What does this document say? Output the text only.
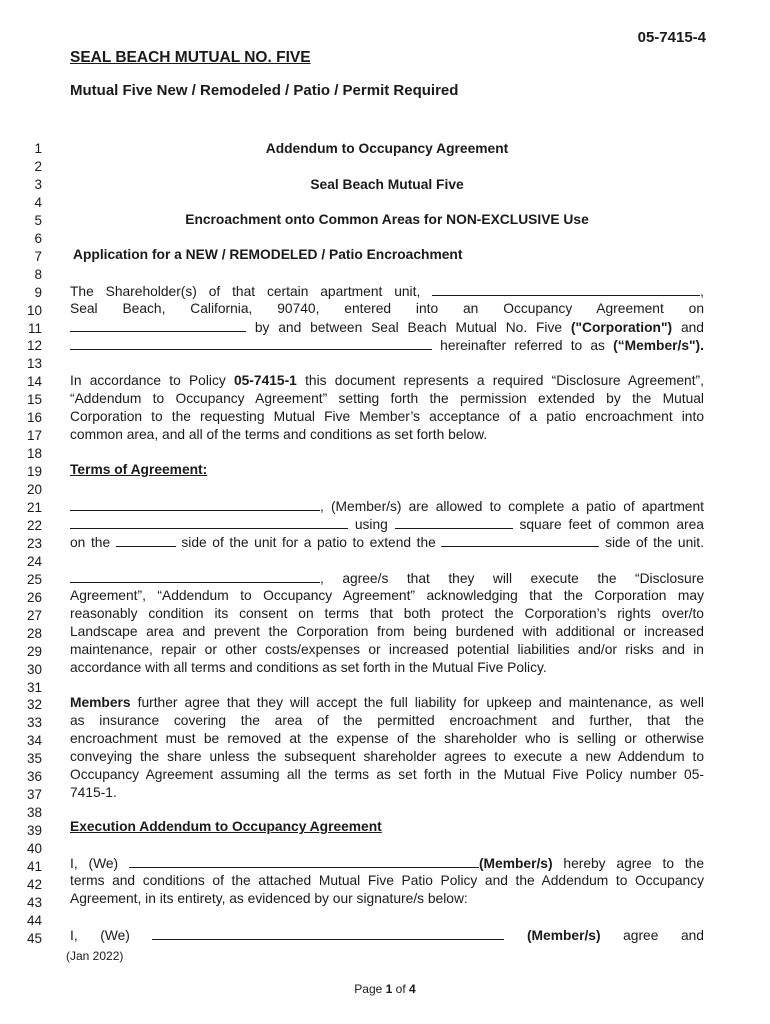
05-7415-4
SEAL BEACH MUTUAL NO. FIVE
Mutual Five New / Remodeled / Patio / Permit Required
1
2
3
4
5
6
7
8
9
10
11
12
13
14
15
16
17
18
19
20
21
22
23
24
25
26
27
28
29
30
31
32
33
34
35
36
37
38
39
40
41
42
43
44
45
Addendum to Occupancy Agreement
Seal Beach Mutual Five
Encroachment onto Common Areas for NON-EXCLUSIVE Use
Application for a NEW / REMODELED / Patio Encroachment
The Shareholder(s) of that certain apartment unit,	,
Seal Beach, California, 90740, entered into an Occupancy Agreement on
by and between Seal Beach Mutual No. Five ("Corporation") and
hereinafter referred to as (“Member/s").
In accordance to Policy 05-7415-1 this document represents a required “Disclosure Agreement”,
“Addendum to Occupancy Agreement” setting forth the permission extended by the Mutual
Corporation to the requesting Mutual Five Member’s acceptance of a patio encroachment into
common area, and all of the terms and conditions as set forth below.
Terms of Agreement:
, (Member/s) are allowed to complete a patio of apartment
using	square feet of common area
on the	side of the unit for a patio to extend the	side of the unit.
, agree/s that they will execute the “Disclosure
Agreement”, “Addendum to Occupancy Agreement” acknowledging that the Corporation may
reasonably condition its consent on terms that both protect the Corporation’s rights over/to
Landscape area and prevent the Corporation from being burdened with additional or increased
maintenance, repair or other costs/expenses or increased potential liabilities and/or risks and in
accordance with all terms and conditions as set forth in the Mutual Five Policy.
Members further agree that they will accept the full liability for upkeep and maintenance, as well
as insurance covering the area of the permitted encroachment and further, that the
encroachment must be removed at the expense of the shareholder who is selling or otherwise
conveying the share unless the subsequent shareholder agrees to execute a new Addendum to
Occupancy Agreement assuming all the terms as set forth in the Mutual Five Policy number 05-
7415-1.
Execution Addendum to Occupancy Agreement
I, (We)	(Member/s) hereby agree to the
terms and conditions of the attached Mutual Five Patio Policy and the Addendum to Occupancy
Agreement, in its entirety, as evidenced by our signature/s below:
I, (We)	(Member/s) agree and
(Jan 2022)
Page 1 of 4
